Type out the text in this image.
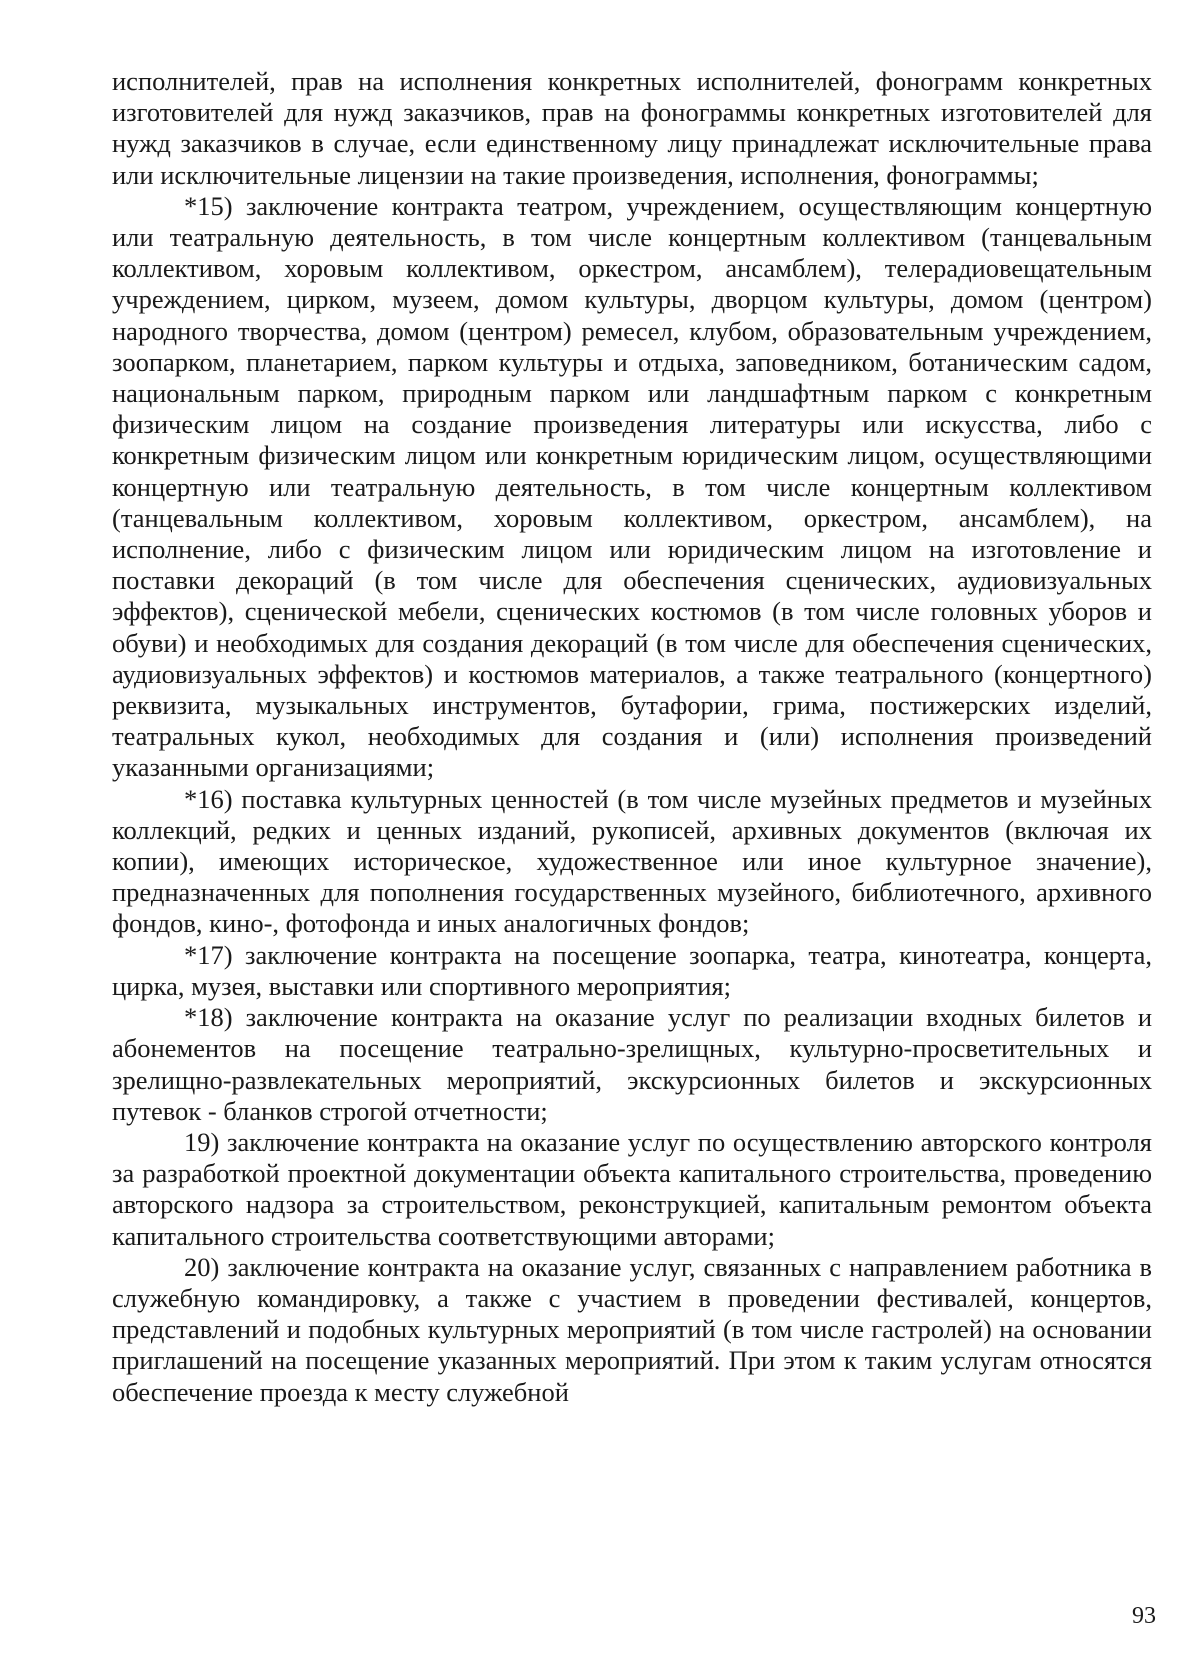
исполнителей, прав на исполнения конкретных исполнителей, фонограмм конкретных изготовителей для нужд заказчиков, прав на фонограммы конкретных изготовителей для нужд заказчиков в случае, если единственному лицу принадлежат исключительные права или исключительные лицензии на такие произведения, исполнения, фонограммы;

*15) заключение контракта театром, учреждением, осуществляющим концертную или театральную деятельность, в том числе концертным коллективом (танцевальным коллективом, хоровым коллективом, оркестром, ансамблем), телерадиовещательным учреждением, цирком, музеем, домом культуры, дворцом культуры, домом (центром) народного творчества, домом (центром) ремесел, клубом, образовательным учреждением, зоопарком, планетарием, парком культуры и отдыха, заповедником, ботаническим садом, национальным парком, природным парком или ландшафтным парком с конкретным физическим лицом на создание произведения литературы или искусства, либо с конкретным физическим лицом или конкретным юридическим лицом, осуществляющими концертную или театральную деятельность, в том числе концертным коллективом (танцевальным коллективом, хоровым коллективом, оркестром, ансамблем), на исполнение, либо с физическим лицом или юридическим лицом на изготовление и поставки декораций (в том числе для обеспечения сценических, аудиовизуальных эффектов), сценической мебели, сценических костюмов (в том числе головных уборов и обуви) и необходимых для создания декораций (в том числе для обеспечения сценических, аудиовизуальных эффектов) и костюмов материалов, а также театрального (концертного) реквизита, музыкальных инструментов, бутафории, грима, постижерских изделий, театральных кукол, необходимых для создания и (или) исполнения произведений указанными организациями;

*16) поставка культурных ценностей (в том числе музейных предметов и музейных коллекций, редких и ценных изданий, рукописей, архивных документов (включая их копии), имеющих историческое, художественное или иное культурное значение), предназначенных для пополнения государственных музейного, библиотечного, архивного фондов, кино-, фотофонда и иных аналогичных фондов;

*17) заключение контракта на посещение зоопарка, театра, кинотеатра, концерта, цирка, музея, выставки или спортивного мероприятия;

*18) заключение контракта на оказание услуг по реализации входных билетов и абонементов на посещение театрально-зрелищных, культурно-просветительных и зрелищно-развлекательных мероприятий, экскурсионных билетов и экскурсионных путевок - бланков строгой отчетности;

19) заключение контракта на оказание услуг по осуществлению авторского контроля за разработкой проектной документации объекта капитального строительства, проведению авторского надзора за строительством, реконструкцией, капитальным ремонтом объекта капитального строительства соответствующими авторами;

20) заключение контракта на оказание услуг, связанных с направлением работника в служебную командировку, а также с участием в проведении фестивалей, концертов, представлений и подобных культурных мероприятий (в том числе гастролей) на основании приглашений на посещение указанных мероприятий. При этом к таким услугам относятся обеспечение проезда к месту служебной

93
